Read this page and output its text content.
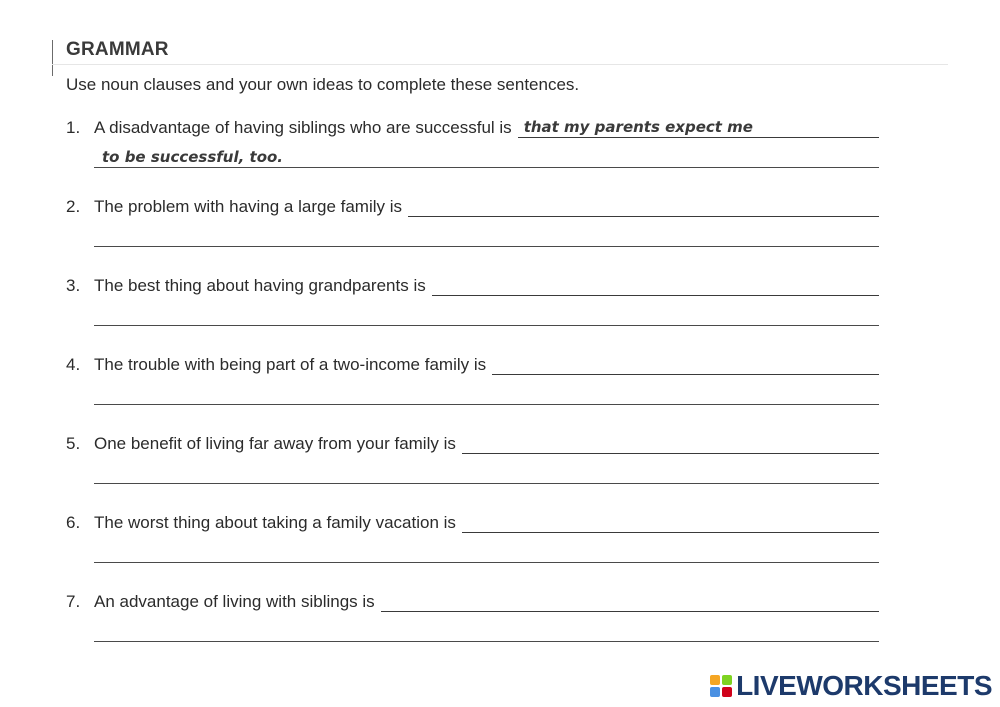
GRAMMAR
Use noun clauses and your own ideas to complete these sentences.
1. A disadvantage of having siblings who are successful is that my parents expect me
to be successful, too.
2. The problem with having a large family is
3. The best thing about having grandparents is
4. The trouble with being part of a two-income family is
5. One benefit of living far away from your family is
6. The worst thing about taking a family vacation is
7. An advantage of living with siblings is
LIVEWORKSHEETS
